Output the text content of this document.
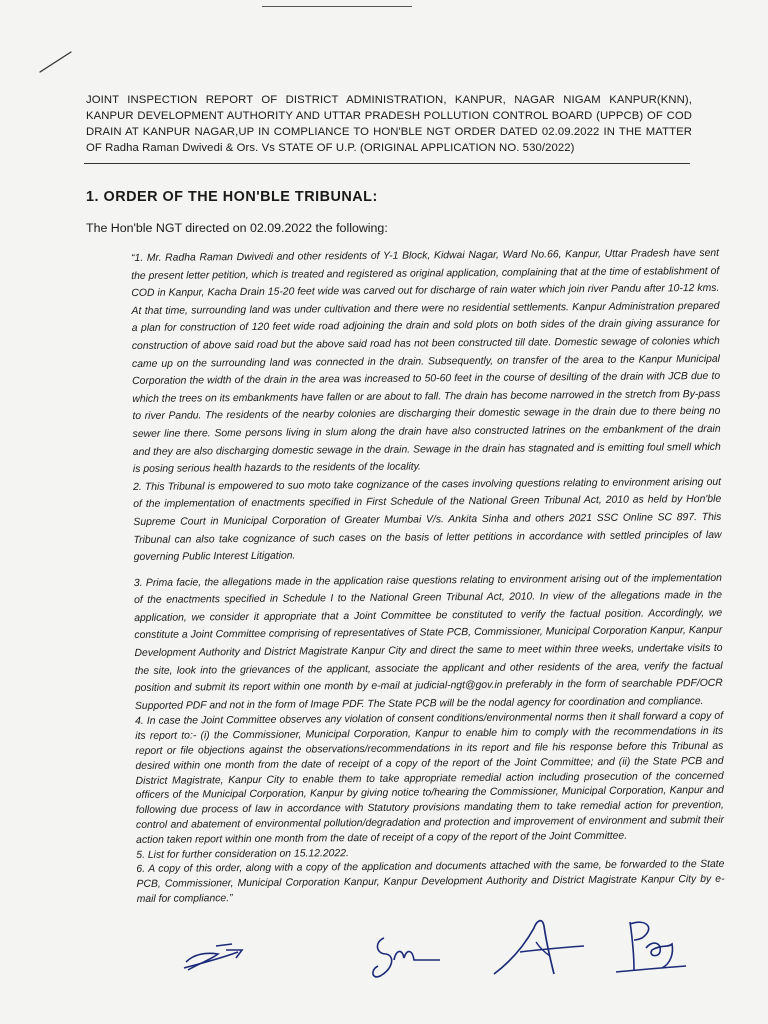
JOINT INSPECTION REPORT OF DISTRICT ADMINISTRATION, KANPUR, NAGAR NIGAM KANPUR(KNN), KANPUR DEVELOPMENT AUTHORITY AND UTTAR PRADESH POLLUTION CONTROL BOARD (UPPCB) OF COD DRAIN AT KANPUR NAGAR,UP IN COMPLIANCE TO HON'BLE NGT ORDER DATED 02.09.2022 IN THE MATTER OF Radha Raman Dwivedi & Ors. Vs STATE OF U.P. (ORIGINAL APPLICATION NO. 530/2022)
1. ORDER OF THE HON'BLE TRIBUNAL:
The Hon'ble NGT directed on 02.09.2022 the following:

“1. Mr. Radha Raman Dwivedi and other residents of Y-1 Block, Kidwai Nagar, Ward No.66, Kanpur, Uttar Pradesh have sent the present letter petition, which is treated and registered as original application, complaining that at the time of establishment of COD in Kanpur, Kacha Drain 15-20 feet wide was carved out for discharge of rain water which join river Pandu after 10-12 kms. At that time, surrounding land was under cultivation and there were no residential settlements. Kanpur Administration prepared a plan for construction of 120 feet wide road adjoining the drain and sold plots on both sides of the drain giving assurance for construction of above said road but the above said road has not been constructed till date. Domestic sewage of colonies which came up on the surrounding land was connected in the drain. Subsequently, on transfer of the area to the Kanpur Municipal Corporation the width of the drain in the area was increased to 50-60 feet in the course of desilting of the drain with JCB due to which the trees on its embankments have fallen or are about to fall. The drain has become narrowed in the stretch from By-pass to river Pandu. The residents of the nearby colonies are discharging their domestic sewage in the drain due to there being no sewer line there. Some persons living in slum along the drain have also constructed latrines on the embankment of the drain and they are also discharging domestic sewage in the drain. Sewage in the drain has stagnated and is emitting foul smell which is posing serious health hazards to the residents of the locality.

2. This Tribunal is empowered to suo moto take cognizance of the cases involving questions relating to environment arising out of the implementation of enactments specified in First Schedule of the National Green Tribunal Act, 2010 as held by Hon'ble Supreme Court in Municipal Corporation of Greater Mumbai V/s. Ankita Sinha and others 2021 SSC Online SC 897. This Tribunal can also take cognizance of such cases on the basis of letter petitions in accordance with settled principles of law governing Public Interest Litigation.

3. Prima facie, the allegations made in the application raise questions relating to environment arising out of the implementation of the enactments specified in Schedule I to the National Green Tribunal Act, 2010. In view of the allegations made in the application, we consider it appropriate that a Joint Committee be constituted to verify the factual position. Accordingly, we constitute a Joint Committee comprising of representatives of State PCB, Commissioner, Municipal Corporation Kanpur, Kanpur Development Authority and District Magistrate Kanpur City and direct the same to meet within three weeks, undertake visits to the site, look into the grievances of the applicant, associate the applicant and other residents of the area, verify the factual position and submit its report within one month by e-mail at judicial-ngt@gov.in preferably in the form of searchable PDF/OCR Supported PDF and not in the form of Image PDF. The State PCB will be the nodal agency for coordination and compliance.

4. In case the Joint Committee observes any violation of consent conditions/environmental norms then it shall forward a copy of its report to:- (i) the Commissioner, Municipal Corporation, Kanpur to enable him to comply with the recommendations in its report or file objections against the observations/recommendations in its report and file his response before this Tribunal as desired within one month from the date of receipt of a copy of the report of the Joint Committee; and (ii) the State PCB and District Magistrate, Kanpur City to enable them to take appropriate remedial action including prosecution of the concerned officers of the Municipal Corporation, Kanpur by giving notice to/hearing the Commissioner, Municipal Corporation, Kanpur and following due process of law in accordance with Statutory provisions mandating them to take remedial action for prevention, control and abatement of environmental pollution/degradation and protection and improvement of environment and submit their action taken report within one month from the date of receipt of a copy of the report of the Joint Committee.

5. List for further consideration on 15.12.2022.

6. A copy of this order, along with a copy of the application and documents attached with the same, be forwarded to the State PCB, Commissioner, Municipal Corporation Kanpur, Kanpur Development Authority and District Magistrate Kanpur City by e-mail for compliance.”
